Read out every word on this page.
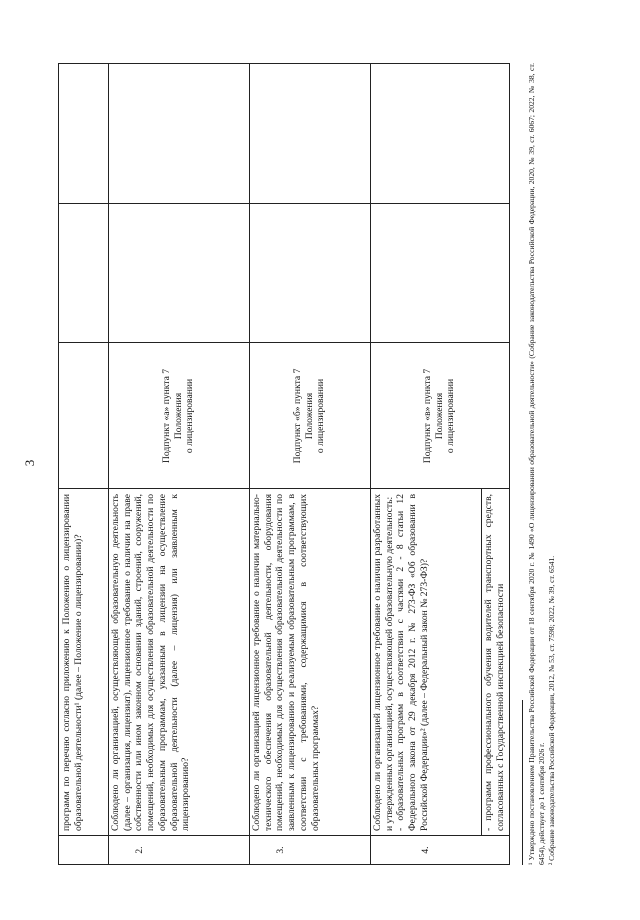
3
программ по перечню согласно приложению к Положению о лицензировании образовательной деятельности¹ (далее – Положение о лицензировании)?
2.
Соблюдено ли организацией, осуществляющей образовательную деятельность (далее – организация, лицензиат), лицензионное требование о наличии на праве собственности или ином законном основании зданий, строений, сооружений, помещений, необходимых для осуществления образовательной деятельности по образовательным программам, указанным в лицензии на осуществление образовательной деятельности (далее – лицензия) или заявленным к лицензированию?
Подпункт «а» пункта 7 Положения о лицензировании
3.
Соблюдено ли организацией лицензионное требование о наличии материально-технического обеспечения образовательной деятельности, оборудования помещений, необходимых для осуществления образовательной деятельности по заявленным к лицензированию и реализуемым образовательным программам, в соответствии с требованиями, содержащимися в соответствующих образовательных программах?
Подпункт «б» пункта 7 Положения о лицензировании
4.
Соблюдено ли организацией лицензионное требование о наличии разработанных и утвержденных организацией, осуществляющей образовательную деятельность: - образовательных программ в соответствии с частями 2 - 8 статьи 12 Федерального закона от 29 декабря 2012 г. № 273-ФЗ «Об образовании в Российской Федерации»² (далее – Федеральный закон № 273-ФЗ)?
Подпункт «в» пункта 7 Положения о лицензировании
- программ профессионального обучения водителей транспортных средств, согласованных с Государственной инспекцией безопасности	¹ Утверждено постановлением Правительства Российской Федерации от 18 сентября 2020 г. № 1490 «О лицензировании образовательной деятельности» (Собрание законодательства Российской Федерации, 2020, № 39, ст. 6067; 2022, № 38, ст. 6454), действует до 1 сентября 2026 г. ² Собрание законодательства Российской Федерации, 2012, № 53, ст. 7598; 2022, № 39, ст. 6541.
